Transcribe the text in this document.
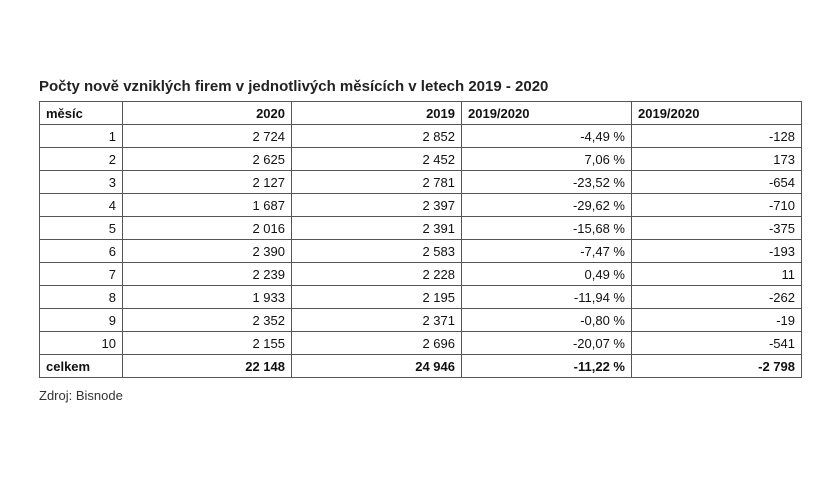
Počty nově vzniklých firem v jednotlivých měsících v letech 2019 - 2020
měsíc	2020	2019	2019/2020	2019/2020
1	2 724	2 852	-4,49 %	-128
2	2 625	2 452	7,06 %	173
3	2 127	2 781	-23,52 %	-654
4	1 687	2 397	-29,62 %	-710
5	2 016	2 391	-15,68 %	-375
6	2 390	2 583	-7,47 %	-193
7	2 239	2 228	0,49 %	11
8	1 933	2 195	-11,94 %	-262
9	2 352	2 371	-0,80 %	-19
10	2 155	2 696	-20,07 %	-541
celkem	22 148	24 946	-11,22 %	-2 798
Zdroj: Bisnode
